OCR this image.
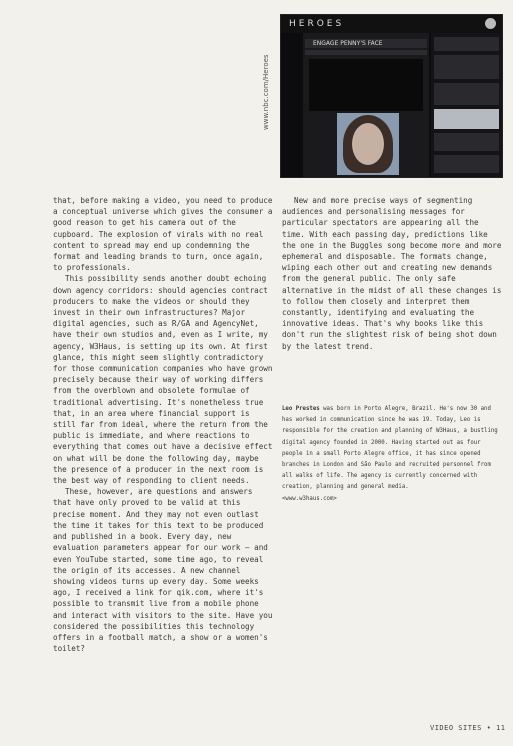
www.nbc.com/Heroes
HEROES
ENGAGE PENNY'S FACE

that, before making a video, you need to produce a conceptual universe which gives the consumer a good reason to get his camera out of the cupboard. The explosion of virals with no real content to spread may end up condemning the format and leading brands to turn, once again, to professionals.

This possibility sends another doubt echoing down agency corridors: should agencies contract producers to make the videos or should they invest in their own infrastructures? Major digital agencies, such as R/GA and AgencyNet, have their own studios and, even as I write, my agency, W3Haus, is setting up its own. At first glance, this might seem slightly contradictory for those communication companies who have grown precisely because their way of working differs from the overblown and obsolete formulae of traditional advertising. It's nonetheless true that, in an area where financial support is still far from ideal, where the return from the public is immediate, and where reactions to everything that comes out have a decisive effect on what will be done the following day, maybe the presence of a producer in the next room is the best way of responding to client needs.

These, however, are questions and answers that have only proved to be valid at this precise moment. And they may not even outlast the time it takes for this text to be produced and published in a book. Every day, new evaluation parameters appear for our work — and even YouTube started, some time ago, to reveal the origin of its accesses. A new channel showing videos turns up every day. Some weeks ago, I received a link for qik.com, where it's possible to transmit live from a mobile phone and interact with visitors to the site. Have you considered the possibilities this technology offers in a football match, a show or a women's toilet?

New and more precise ways of segmenting audiences and personalising messages for particular spectators are appearing all the time. With each passing day, predictions like the one in the Buggles song become more and more ephemeral and disposable. The formats change, wiping each other out and creating new demands from the general public. The only safe alternative in the midst of all these changes is to follow them closely and interpret them constantly, identifying and evaluating the innovative ideas. That's why books like this don't run the slightest risk of being shot down by the latest trend.

Leo Prestes was born in Porto Alegre, Brazil. He's now 30 and has worked in communication since he was 19. Today, Leo is responsible for the creation and planning of W3Haus, a bustling digital agency founded in 2000. Having started out as four people in a small Porto Alegre office, it has since opened branches in London and São Paulo and recruited personnel from all walks of life. The agency is currently concerned with creation, planning and general media.
<www.w3haus.com>
VIDEO SITES • 11
